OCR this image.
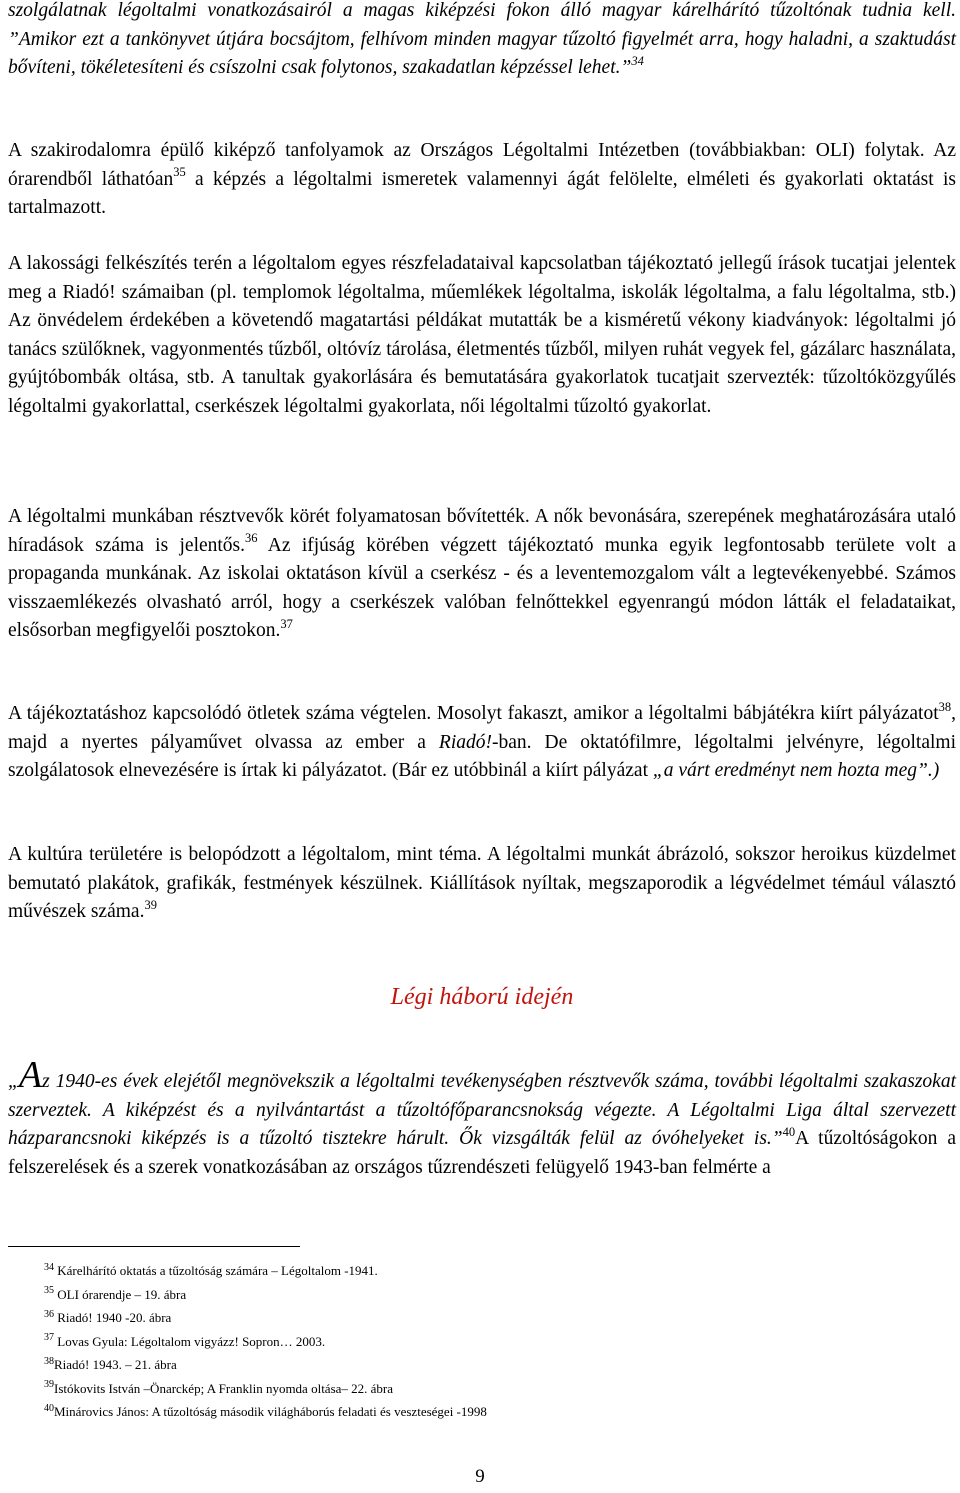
szolgálatnak légoltalmi vonatkozásairól a magas kiképzési fokon álló magyar kárelhárító tűzoltónak tudnia kell. ”Amikor ezt a tankönyvet útjára bocsájtom, felhívom minden magyar tűzoltó figyelmét arra, hogy haladni, a szaktudást bővíteni, tökéletesíteni és csíszolni csak folytonos, szakadatlan képzéssel lehet.”$^{34}$

A szakirodalomra épülő kiképző tanfolyamok az Országos Légoltalmi Intézetben (továbbiakban: OLI) folytak. Az órarendből láthatóan$^{35}$ a képzés a légoltalmi ismeretek valamennyi ágát felölelte, elméleti és gyakorlati oktatást is tartalmazott.

A lakossági felkészítés terén a légoltalom egyes részfeladataival kapcsolatban tájékoztató jellegű írások tucatjai jelentek meg a Riadó! számaiban (pl. templomok légoltalma, műemlékek légoltalma, iskolák légoltalma, a falu légoltalma, stb.) Az önvédelem érdekében a követendő magatartási példákat mutatták be a kisméretű vékony kiadványok: légoltalmi jó tanács szülőknek, vagyonmentés tűzből, oltóvíz tárolása, életmentés tűzből, milyen ruhát vegyek fel, gázálarc használata, gyújtóbombák oltása, stb. A tanultak gyakorlására és bemutatására gyakorlatok tucatjait szervezték: tűzoltóközgyűlés légoltalmi gyakorlattal, cserkészek légoltalmi gyakorlata, női légoltalmi tűzoltó gyakorlat.

A légoltalmi munkában résztvevők körét folyamatosan bővítették. A nők bevonására, szerepének meghatározására utaló híradások száma is jelentős.$^{36}$ Az ifjúság körében végzett tájékoztató munka egyik legfontosabb területe volt a propaganda munkának. Az iskolai oktatáson kívül a cserkész - és a leventemozgalom vált a legtevékenyebbé. Számos visszaemlékezés olvasható arról, hogy a cserkészek valóban felnőttekkel egyenrangú módon látták el feladataikat, elsősorban megfigyelői posztokon.$^{37}$

A tájékoztatáshoz kapcsolódó ötletek száma végtelen. Mosolyt fakaszt, amikor a légoltalmi bábjátékra kiírt pályázatot$^{38}$, majd a nyertes pályaművet olvassa az ember a Riadó!-ban. De oktatófilmre, légoltalmi jelvényre, légoltalmi szolgálatosok elnevezésére is írtak ki pályázatot. (Bár ez utóbbinál a kiírt pályázat „a várt eredményt nem hozta meg”.)

A kultúra területére is belopódzott a légoltalom, mint téma. A légoltalmi munkát ábrázoló, sokszor heroikus küzdelmet bemutató plakátok, grafikák, festmények készülnek. Kiállítások nyíltak, megszaporodik a légvédelmet témául választó művészek száma.$^{39}$

Légi háború idején

„Az 1940-es évek elejétől megnövekszik a légoltalmi tevékenységben résztvevők száma, további légoltalmi szakaszokat szerveztek. A kiképzést és a nyilvántartást a tűzoltófőparancsnokság végezte. A Légoltalmi Liga által szervezett házparancsnoki kiképzés is a tűzoltó tisztekre hárult. Ők vizsgálták felül az óvóhelyeket is.”$^{40}$A tűzoltóságokon a felszerelések és a szerek vonatkozásában az országos tűzrendészeti felügyelő 1943-ban felmérte a

$^{34}$ Kárelhárító oktatás a tűzoltóság számára – Légoltalom -1941.
$^{35}$ OLI órarendje – 19. ábra
$^{36}$ Riadó! 1940 -20. ábra
$^{37}$ Lovas Gyula: Légoltalom vigyázz! Sopron… 2003.
$^{38}$Riadó! 1943. – 21. ábra
$^{39}$Istókovits István –Önarckép; A Franklin nyomda oltása– 22. ábra
$^{40}$Minárovics János: A tűzoltóság második világháborús feladati és veszteségei -1998
9
